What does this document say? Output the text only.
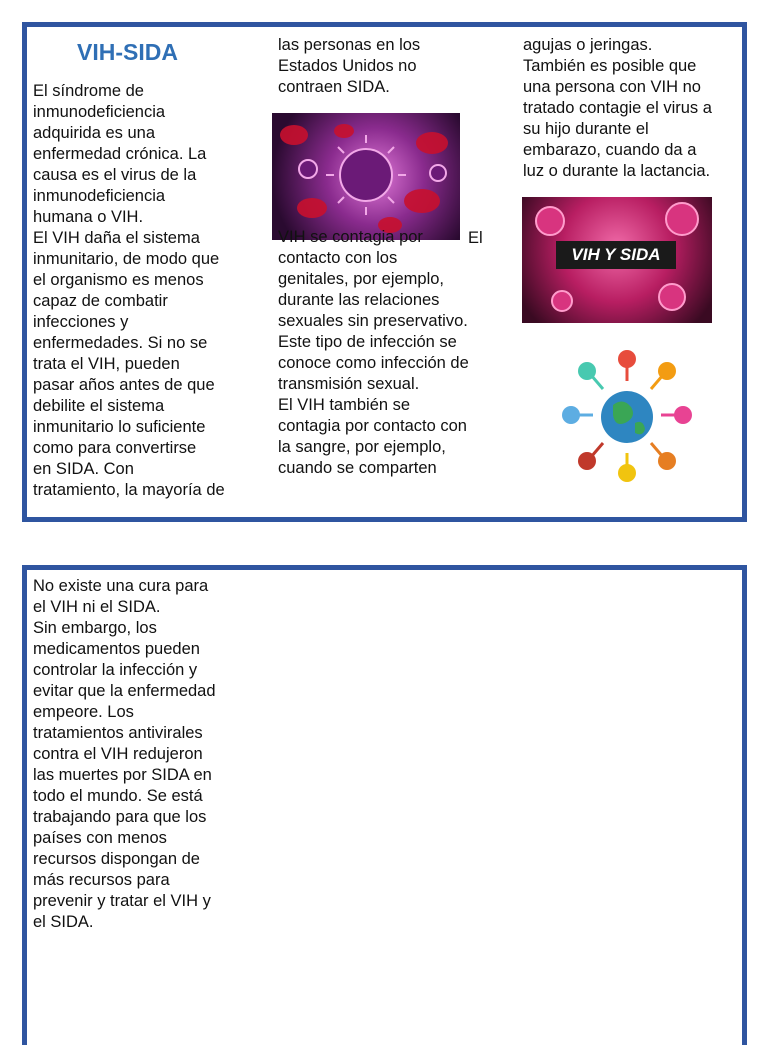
VIH-SIDA
El síndrome de
inmunodeficiencia
adquirida es una
enfermedad crónica. La
causa es el virus de la
inmunodeficiencia
humana o VIH.
El VIH daña el sistema
inmunitario, de modo que
el organismo es menos
capaz de combatir
infecciones y
enfermedades. Si no se
trata el VIH, pueden
pasar años antes de que
debilite el sistema
inmunitario lo suficiente
como para convertirse
en SIDA. Con
tratamiento, la mayoría de
las personas en los
Estados Unidos no
contraen SIDA.
El
VIH se contagia por
contacto con los
genitales, por ejemplo,
durante las relaciones
sexuales sin preservativo.
Este tipo de infección se
conoce como infección de
transmisión sexual.
El VIH también se
contagia por contacto con
la sangre, por ejemplo,
cuando se comparten
agujas o jeringas.
También es posible que
una persona con VIH no
tratado contagie el virus a
su hijo durante el
embarazo, cuando da a
luz o durante la lactancia.
VIH Y SIDA
No existe una cura para
el VIH ni el SIDA.
Sin embargo, los
medicamentos pueden
controlar la infección y
evitar que la enfermedad
empeore. Los
tratamientos antivirales
contra el VIH redujeron
las muertes por SIDA en
todo el mundo. Se está
trabajando para que los
países con menos
recursos dispongan de
más recursos para
prevenir y tratar el VIH y
el SIDA.
